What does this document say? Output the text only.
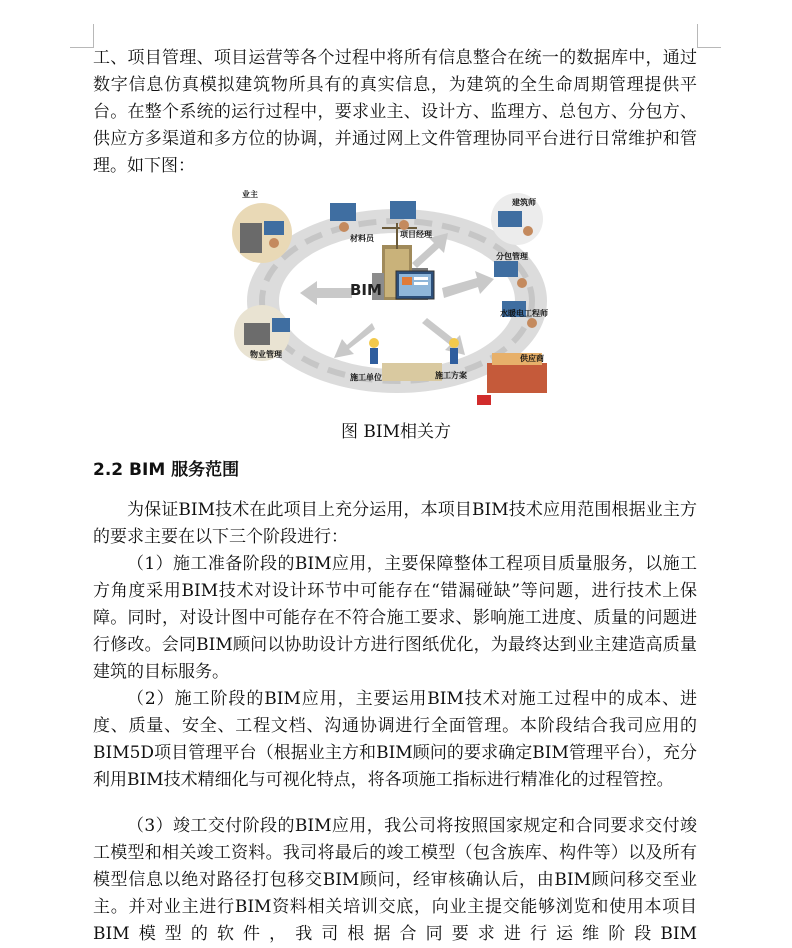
工、项目管理、项目运营等各个过程中将所有信息整合在统一的数据库中，通过数字信息仿真模拟建筑物所具有的真实信息，为建筑的全生命周期管理提供平台。在整个系统的运行过程中，要求业主、设计方、监理方、总包方、分包方、供应方多渠道和多方位的协调，并通过网上文件管理协同平台进行日常维护和管理。如下图：
BIM
业主
材料员	项目经理
建筑师
分包管理
水暖电工程师
供应商
物业管理
施工单位	施工方案
图 BIM相关方
2.2 BIM 服务范围
为保证BIM技术在此项目上充分运用，本项目BIM技术应用范围根据业主方的要求主要在以下三个阶段进行：
（1）施工准备阶段的BIM应用，主要保障整体工程项目质量服务，以施工方角度采用BIM技术对设计环节中可能存在“错漏碰缺”等问题，进行技术上保障。同时，对设计图中可能存在不符合施工要求、影响施工进度、质量的问题进行修改。会同BIM顾问以协助设计方进行图纸优化，为最终达到业主建造高质量建筑的目标服务。
（2）施工阶段的BIM应用，主要运用BIM技术对施工过程中的成本、进度、质量、安全、工程文档、沟通协调进行全面管理。本阶段结合我司应用的BIM5D项目管理平台（根据业主方和BIM顾问的要求确定BIM管理平台），充分利用BIM技术精细化与可视化特点，将各项施工指标进行精准化的过程管控。
（3）竣工交付阶段的BIM应用，我公司将按照国家规定和合同要求交付竣工模型和相关竣工资料。我司将最后的竣工模型（包含族库、构件等）以及所有模型信息以绝对路径打包移交BIM顾问，经审核确认后，由BIM顾问移交至业主。并对业主进行BIM资料相关培训交底，向业主提交能够浏览和使用本项目BIM模型的软件，我司根据合同要求进行运维阶段BIM
